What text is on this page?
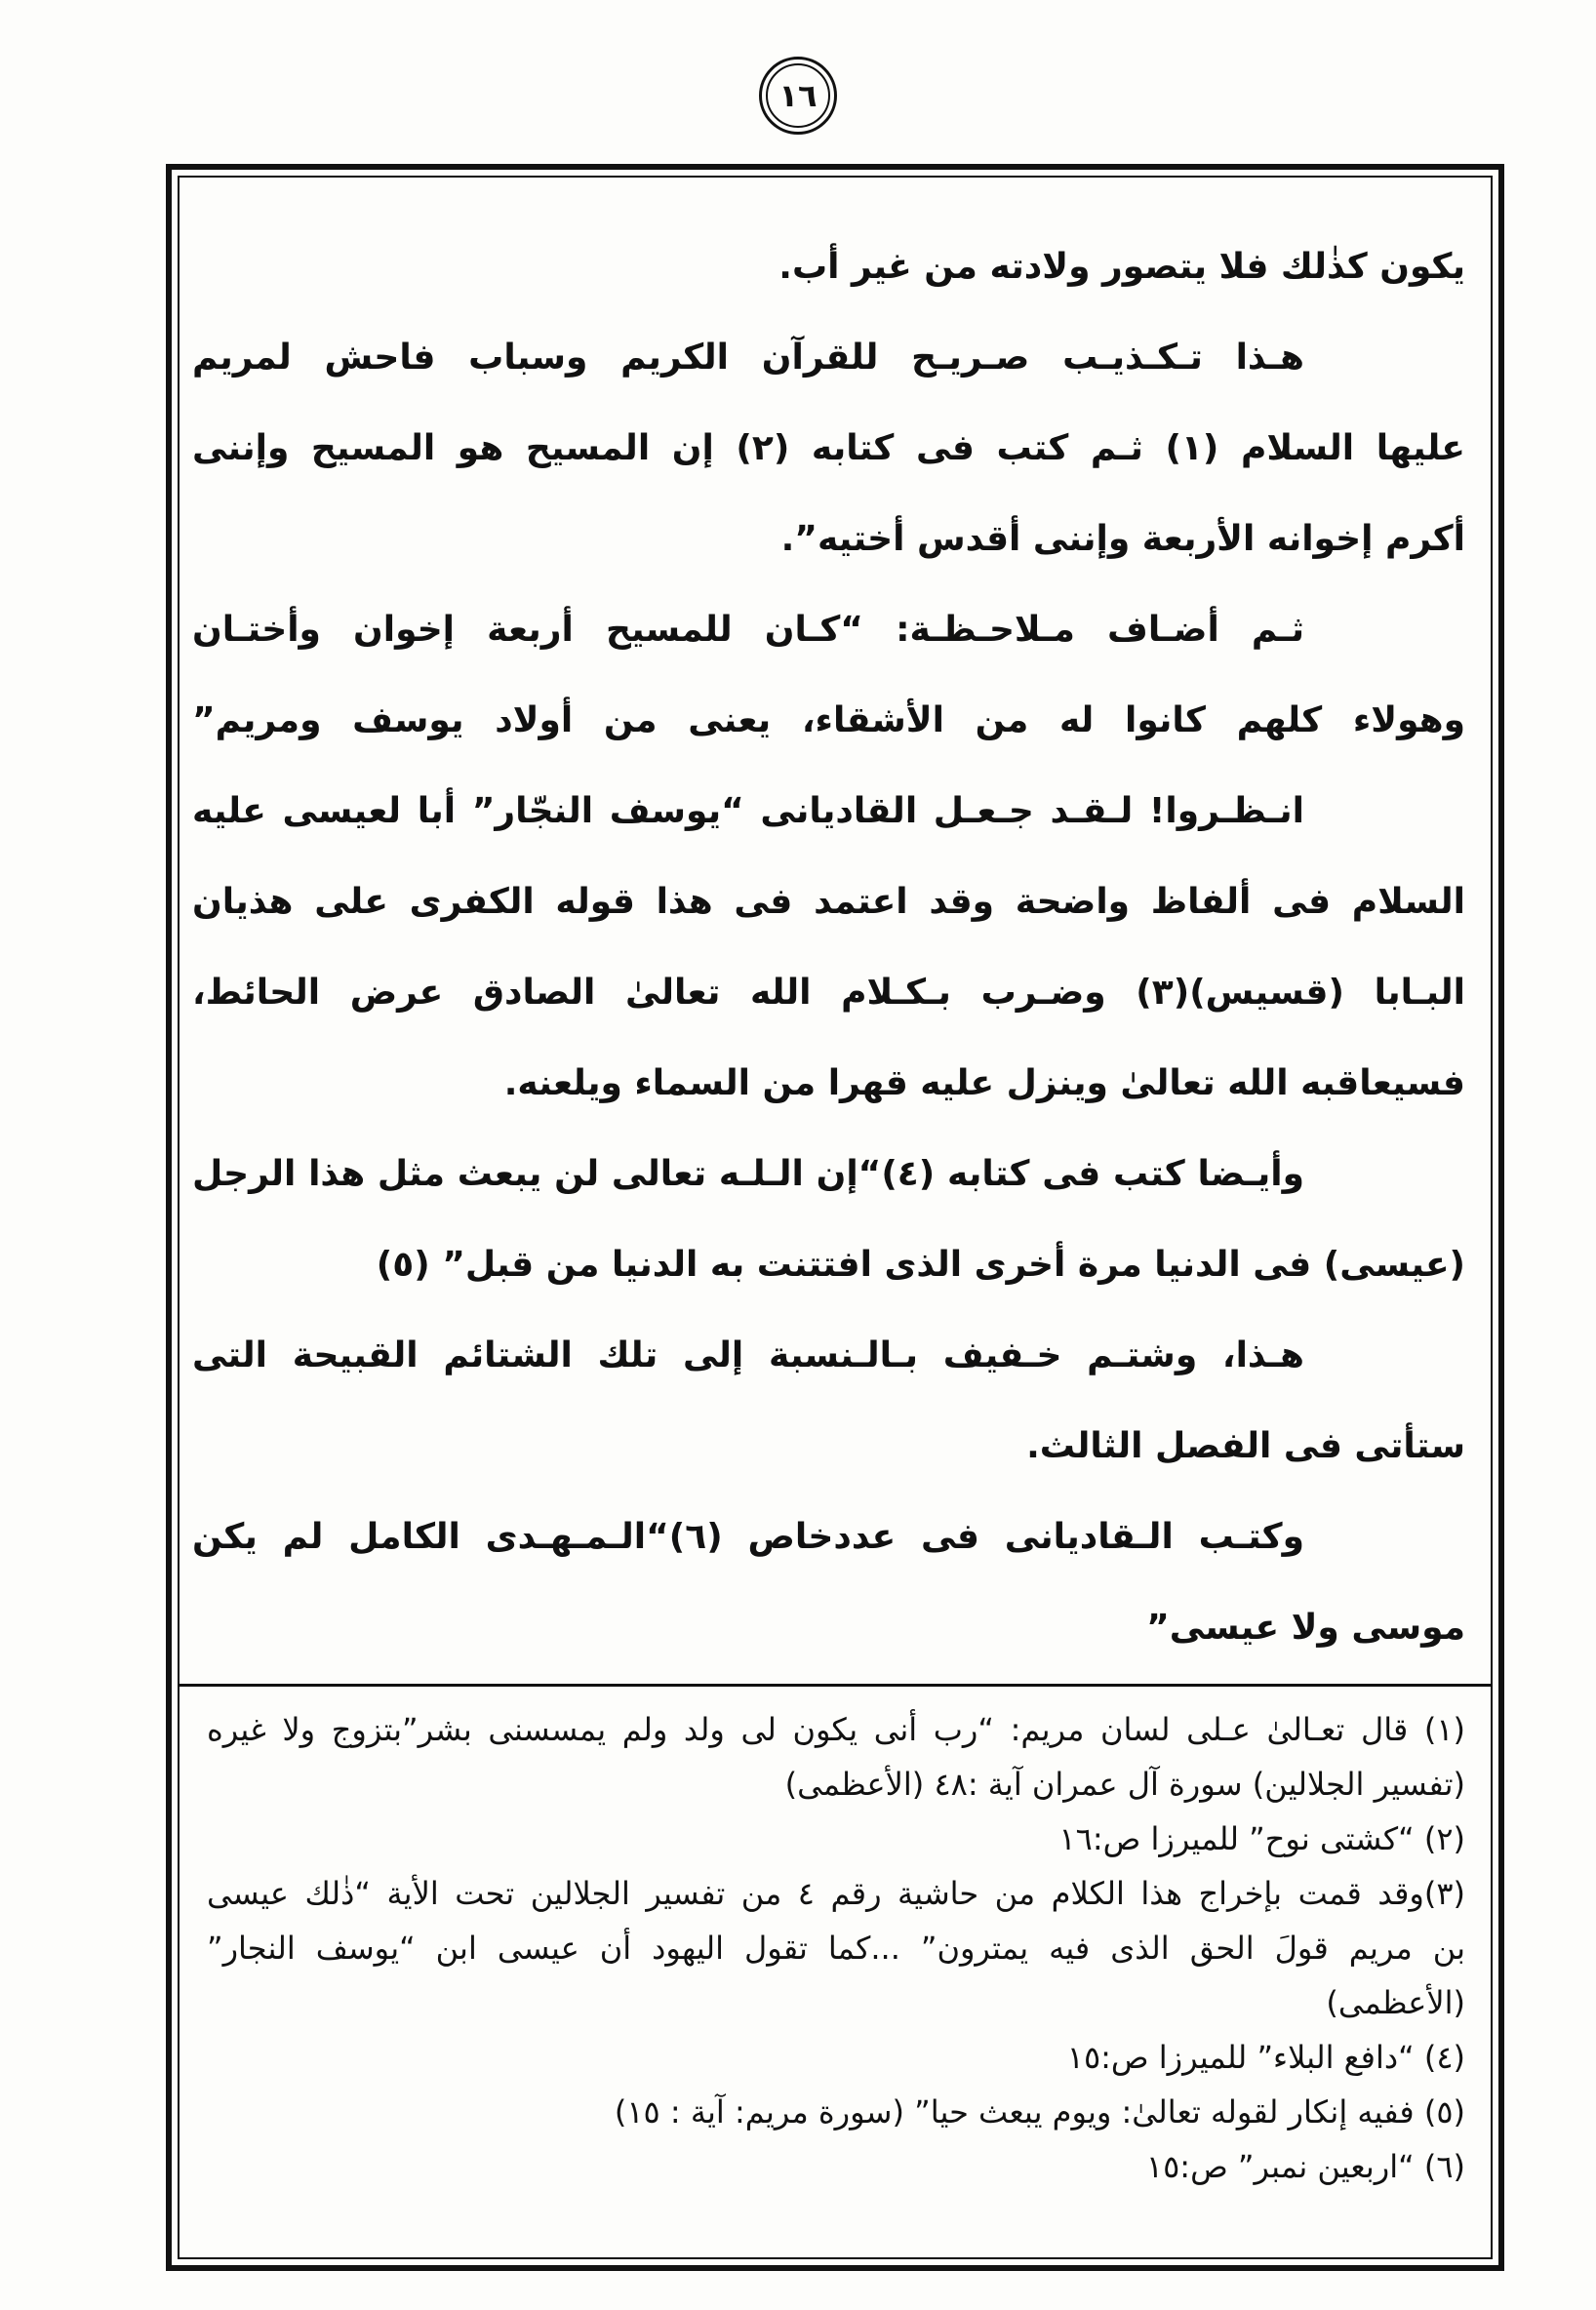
١٦
يكون كذٰلك فلا يتصور ولادته من غير أب.
هـذا تـكـذيـب صـريـح للقرآن الكريم وسباب فاحش لمريم
عليها السلام (١) ثـم كتب فى كتابه (٢) إن المسيح هو المسيح وإننى
أكرم إخوانه الأربعة وإننى أقدس أختيه”.
ثـم أضـاف مـلاحـظـة: “كـان للمسيح أربعة إخوان وأختـان
وهولاء كلهم كانوا له من الأشقاء، يعنى من أولاد يوسف ومريم”
انـظـروا! لـقـد جـعـل القاديانى “يوسف النجّار” أبا لعيسى عليه
السلام فى ألفاظ واضحة وقد اعتمد فى هذا قوله الكفرى على هذيان
البـابا (قسيس)(٣) وضـرب بـكـلام الله تعالىٰ الصادق عرض الحائط،
فسيعاقبه الله تعالىٰ وينزل عليه قهرا من السماء ويلعنه.
وأيـضا كتب فى كتابه (٤)“إن الـلـه تعالى لن يبعث مثل هذا الرجل
(عيسى) فى الدنيا مرة أخرى الذى افتتنت به الدنيا من قبل” (٥)
هـذا، وشتـم خـفيف بـالـنسبة إلى تلك الشتائم القبيحة التى
ستأتى فى الفصل الثالث.
وكتـب الـقاديانى فى عددخاص (٦)“الـمـهـدى الكامل لم يكن
موسى ولا عيسى”
(١) قال تعـالىٰ عـلى لسان مريم: “رب أنى يكون لى ولد ولم يمسسنى بشر”بتزوج ولا غيره
(تفسير الجلالين) سورة آل عمران آية :٤٨ (الأعظمى)
(٢) “كشتى نوح” للميرزا ص:١٦
(٣)وقد قمت بإخراج هذا الكلام من حاشية رقم ٤ من تفسير الجلالين تحت الأية “ذٰلك عيسى
بن مريم قولَ الحق الذى فيه يمترون” ...كما تقول اليهود أن عيسى ابن “يوسف النجار”
(الأعظمى)
(٤) “دافع البلاء” للميرزا ص:١٥
(٥) ففيه إنكار لقوله تعالىٰ: ويوم يبعث حيا” (سورة مريم: آية : ١٥)
(٦) “اربعين نمبر” ص:١٥
